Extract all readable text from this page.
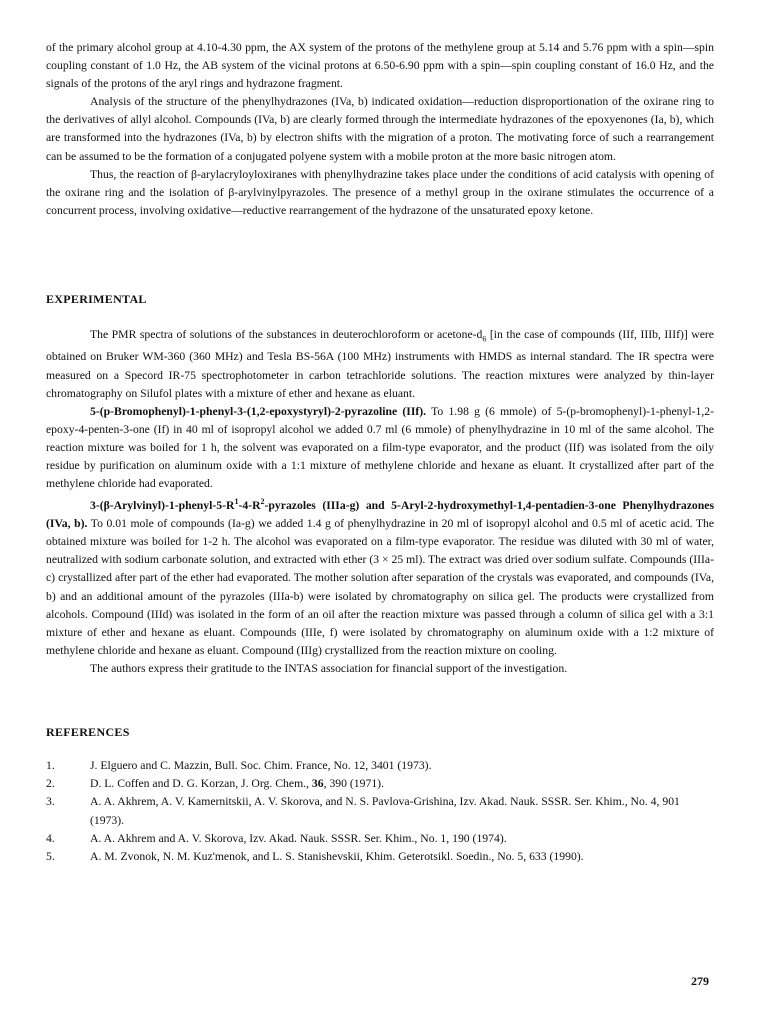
of the primary alcohol group at 4.10-4.30 ppm, the AX system of the protons of the methylene group at 5.14 and 5.76 ppm with a spin—spin coupling constant of 1.0 Hz, the AB system of the vicinal protons at 6.50-6.90 ppm with a spin—spin coupling constant of 16.0 Hz, and the signals of the protons of the aryl rings and hydrazone fragment.

Analysis of the structure of the phenylhydrazones (IVa, b) indicated oxidation—reduction disproportionation of the oxirane ring to the derivatives of allyl alcohol. Compounds (IVa, b) are clearly formed through the intermediate hydrazones of the epoxyenones (Ia, b), which are transformed into the hydrazones (IVa, b) by electron shifts with the migration of a proton. The motivating force of such a rearrangement can be assumed to be the formation of a conjugated polyene system with a mobile proton at the more basic nitrogen atom.

Thus, the reaction of β-arylacryloyloxiranes with phenylhydrazine takes place under the conditions of acid catalysis with opening of the oxirane ring and the isolation of β-arylvinylpyrazoles. The presence of a methyl group in the oxirane stimulates the occurrence of a concurrent process, involving oxidative—reductive rearrangement of the hydrazone of the unsaturated epoxy ketone.

EXPERIMENTAL

The PMR spectra of solutions of the substances in deuterochloroform or acetone-$d_6$ [in the case of compounds (IIf, IIIb, IIIf)] were obtained on Bruker WM-360 (360 MHz) and Tesla BS-56A (100 MHz) instruments with HMDS as internal standard. The IR spectra were measured on a Specord IR-75 spectrophotometer in carbon tetrachloride solutions. The reaction mixtures were analyzed by thin-layer chromatography on Silufol plates with a mixture of ether and hexane as eluant.

5-(p-Bromophenyl)-1-phenyl-3-(1,2-epoxystyryl)-2-pyrazoline (IIf). To 1.98 g (6 mmole) of 5-(p-bromophenyl)-1-phenyl-1,2-epoxy-4-penten-3-one (If) in 40 ml of isopropyl alcohol we added 0.7 ml (6 mmole) of phenylhydrazine in 10 ml of the same alcohol. The reaction mixture was boiled for 1 h, the solvent was evaporated on a film-type evaporator, and the product (IIf) was isolated from the oily residue by purification on aluminum oxide with a 1:1 mixture of methylene chloride and hexane as eluant. It crystallized after part of the methylene chloride had evaporated.

$3-(\beta-Arylvinyl)-1-phenyl-5-R^1-4-R^2$-pyrazoles (IIIa-g) and 5-Aryl-2-hydroxymethyl-1,4-pentadien-3-one Phenylhydrazones (IVa, b). To 0.01 mole of compounds (Ia-g) we added 1.4 g of phenylhydrazine in 20 ml of isopropyl alcohol and 0.5 ml of acetic acid. The obtained mixture was boiled for 1-2 h. The alcohol was evaporated on a film-type evaporator. The residue was diluted with 30 ml of water, neutralized with sodium carbonate solution, and extracted with ether (3 × 25 ml). The extract was dried over sodium sulfate. Compounds (IIIa-c) crystallized after part of the ether had evaporated. The mother solution after separation of the crystals was evaporated, and compounds (IVa, b) and an additional amount of the pyrazoles (IIIa-b) were isolated by chromatography on silica gel. The products were crystallized from alcohols. Compound (IIId) was isolated in the form of an oil after the reaction mixture was passed through a column of silica gel with a 3:1 mixture of ether and hexane as eluant. Compounds (IIIe, f) were isolated by chromatography on aluminum oxide with a 1:2 mixture of methylene chloride and hexane as eluant. Compound (IIIg) crystallized from the reaction mixture on cooling.

The authors express their gratitude to the INTAS association for financial support of the investigation.

REFERENCES
1.	J. Elguero and C. Mazzin, Bull. Soc. Chim. France, No. 12, 3401 (1973).
2.	D. L. Coffen and D. G. Korzan, J. Org. Chem., 36, 390 (1971).
3.	A. A. Akhrem, A. V. Kamernitskii, A. V. Skorova, and N. S. Pavlova-Grishina, Izv. Akad. Nauk. SSSR. Ser. Khim., No. 4, 901 (1973).
4.	A. A. Akhrem and A. V. Skorova, Izv. Akad. Nauk. SSSR. Ser. Khim., No. 1, 190 (1974).
5.	A. M. Zvonok, N. M. Kuz'menok, and L. S. Stanishevskii, Khim. Geterotsikl. Soedin., No. 5, 633 (1990).
279
